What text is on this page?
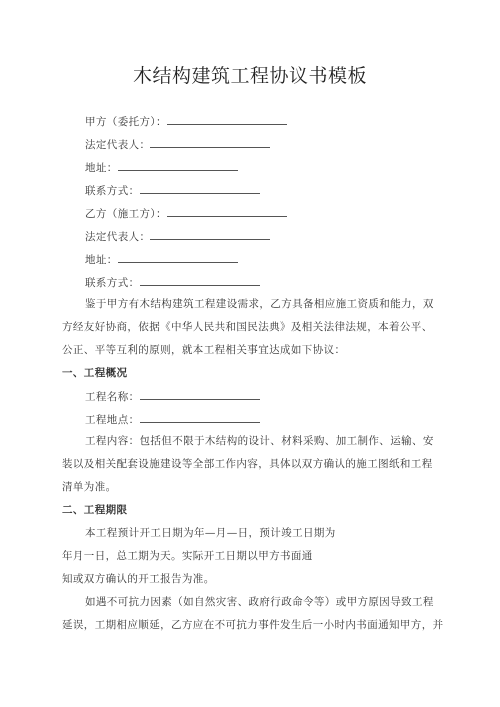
木结构建筑工程协议书模板
甲方（委托方）：
法定代表人：
地址：
联系方式：
乙方（施工方）：
法定代表人：
地址：
联系方式：
鉴于甲方有木结构建筑工程建设需求，乙方具备相应施工资质和能力，双
方经友好协商，依据《中华人民共和国民法典》及相关法律法规，本着公平、
公正、平等互利的原则，就本工程相关事宜达成如下协议：
一、工程概况
工程名称：
工程地点：
工程内容：包括但不限于木结构的设计、材料采购、加工制作、运输、安
装以及相关配套设施建设等全部工作内容，具体以双方确认的施工图纸和工程
清单为准。
二、工程期限
本工程预计开工日期为年—月—日，预计竣工日期为
年月一日，总工期为天。实际开工日期以甲方书面通
知或双方确认的开工报告为准。
如遇不可抗力因素（如自然灾害、政府行政命令等）或甲方原因导致工程
延误，工期相应顺延，乙方应在不可抗力事件发生后一小时内书面通知甲方，并
